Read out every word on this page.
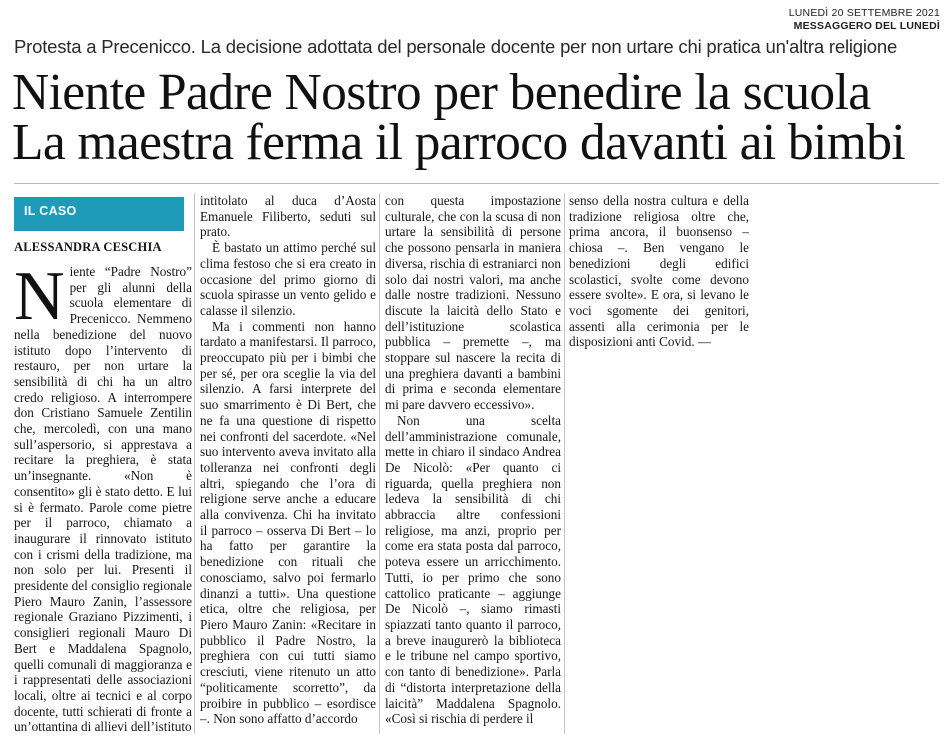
LUNEDÌ 20 SETTEMBRE 2021
MESSAGGERO DEL LUNEDÌ
Protesta a Precenicco. La decisione adottata del personale docente per non urtare chi pratica un'altra religione
Niente Padre Nostro per benedire la scuola
La maestra ferma il parroco davanti ai bimbi
IL CASO
ALESSANDRA CESCHIA

Niente “Padre Nostro” per gli alunni della scuola elementare di Precenicco. Nemmeno nella benedizione del nuovo istituto dopo l’intervento di restauro, per non urtare la sensibilità di chi ha un altro credo religioso. A interrompere don Cristiano Samuele Zentilin che, mercoledì, con una mano sull’aspersorio, si apprestava a recitare la preghiera, è stata un’insegnante. «Non è consentito» gli è stato detto. E lui si è fermato. Parole come pietre per il parroco, chiamato a inaugurare il rinnovato istituto con i crismi della tradizione, ma non solo per lui. Presenti il presidente del consiglio regionale Piero Mauro Zanin, l’assessore regionale Graziano Pizzimenti, i consiglieri regionali Mauro Di Bert e Maddalena Spagnolo, quelli comunali di maggioranza e i rappresentati delle associazioni locali, oltre ai tecnici e al corpo docente, tutti schierati di fronte a un’ottantina di allievi dell’istituto

intitolato al duca d’Aosta Emanuele Filiberto, seduti sul prato.

È bastato un attimo perché sul clima festoso che si era creato in occasione del primo giorno di scuola spirasse un vento gelido e calasse il silenzio.

Ma i commenti non hanno tardato a manifestarsi. Il parroco, preoccupato più per i bimbi che per sé, per ora sceglie la via del silenzio. A farsi interprete del suo smarrimento è Di Bert, che ne fa una questione di rispetto nei confronti del sacerdote. «Nel suo intervento aveva invitato alla tolleranza nei confronti degli altri, spiegando che l’ora di religione serve anche a educare alla convivenza. Chi ha invitato il parroco – osserva Di Bert – lo ha fatto per garantire la benedizione con rituali che conosciamo, salvo poi fermarlo dinanzi a tutti». Una questione etica, oltre che religiosa, per Piero Mauro Zanin: «Recitare in pubblico il Padre Nostro, la preghiera con cui tutti siamo cresciuti, viene ritenuto un atto “politicamente scorretto”, da proibire in pubblico – esordisce –. Non sono affatto d’accordo

con questa impostazione culturale, che con la scusa di non urtare la sensibilità di persone che possono pensarla in maniera diversa, rischia di estraniarci non solo dai nostri valori, ma anche dalle nostre tradizioni. Nessuno discute la laicità dello Stato e dell’istituzione scolastica pubblica – premette –, ma stoppare sul nascere la recita di una preghiera davanti a bambini di prima e seconda elementare mi pare davvero eccessivo».

Non una scelta dell’amministrazione comunale, mette in chiaro il sindaco Andrea De Nicolò: «Per quanto ci riguarda, quella preghiera non ledeva la sensibilità di chi abbraccia altre confessioni religiose, ma anzi, proprio per come era stata posta dal parroco, poteva essere un arricchimento. Tutti, io per primo che sono cattolico praticante – aggiunge De Nicolò –, siamo rimasti spiazzati tanto quanto il parroco, a breve inaugurerò la biblioteca e le tribune nel campo sportivo, con tanto di benedizione». Parla di “distorta interpretazione della laicità” Maddalena Spagnolo. «Così si rischia di perdere il

senso della nostra cultura e della tradizione religiosa oltre che, prima ancora, il buonsenso – chiosa –. Ben vengano le benedizioni degli edifici scolastici, svolte come devono essere svolte». E ora, si levano le voci sgomente dei genitori, assenti alla cerimonia per le disposizioni anti Covid. —
